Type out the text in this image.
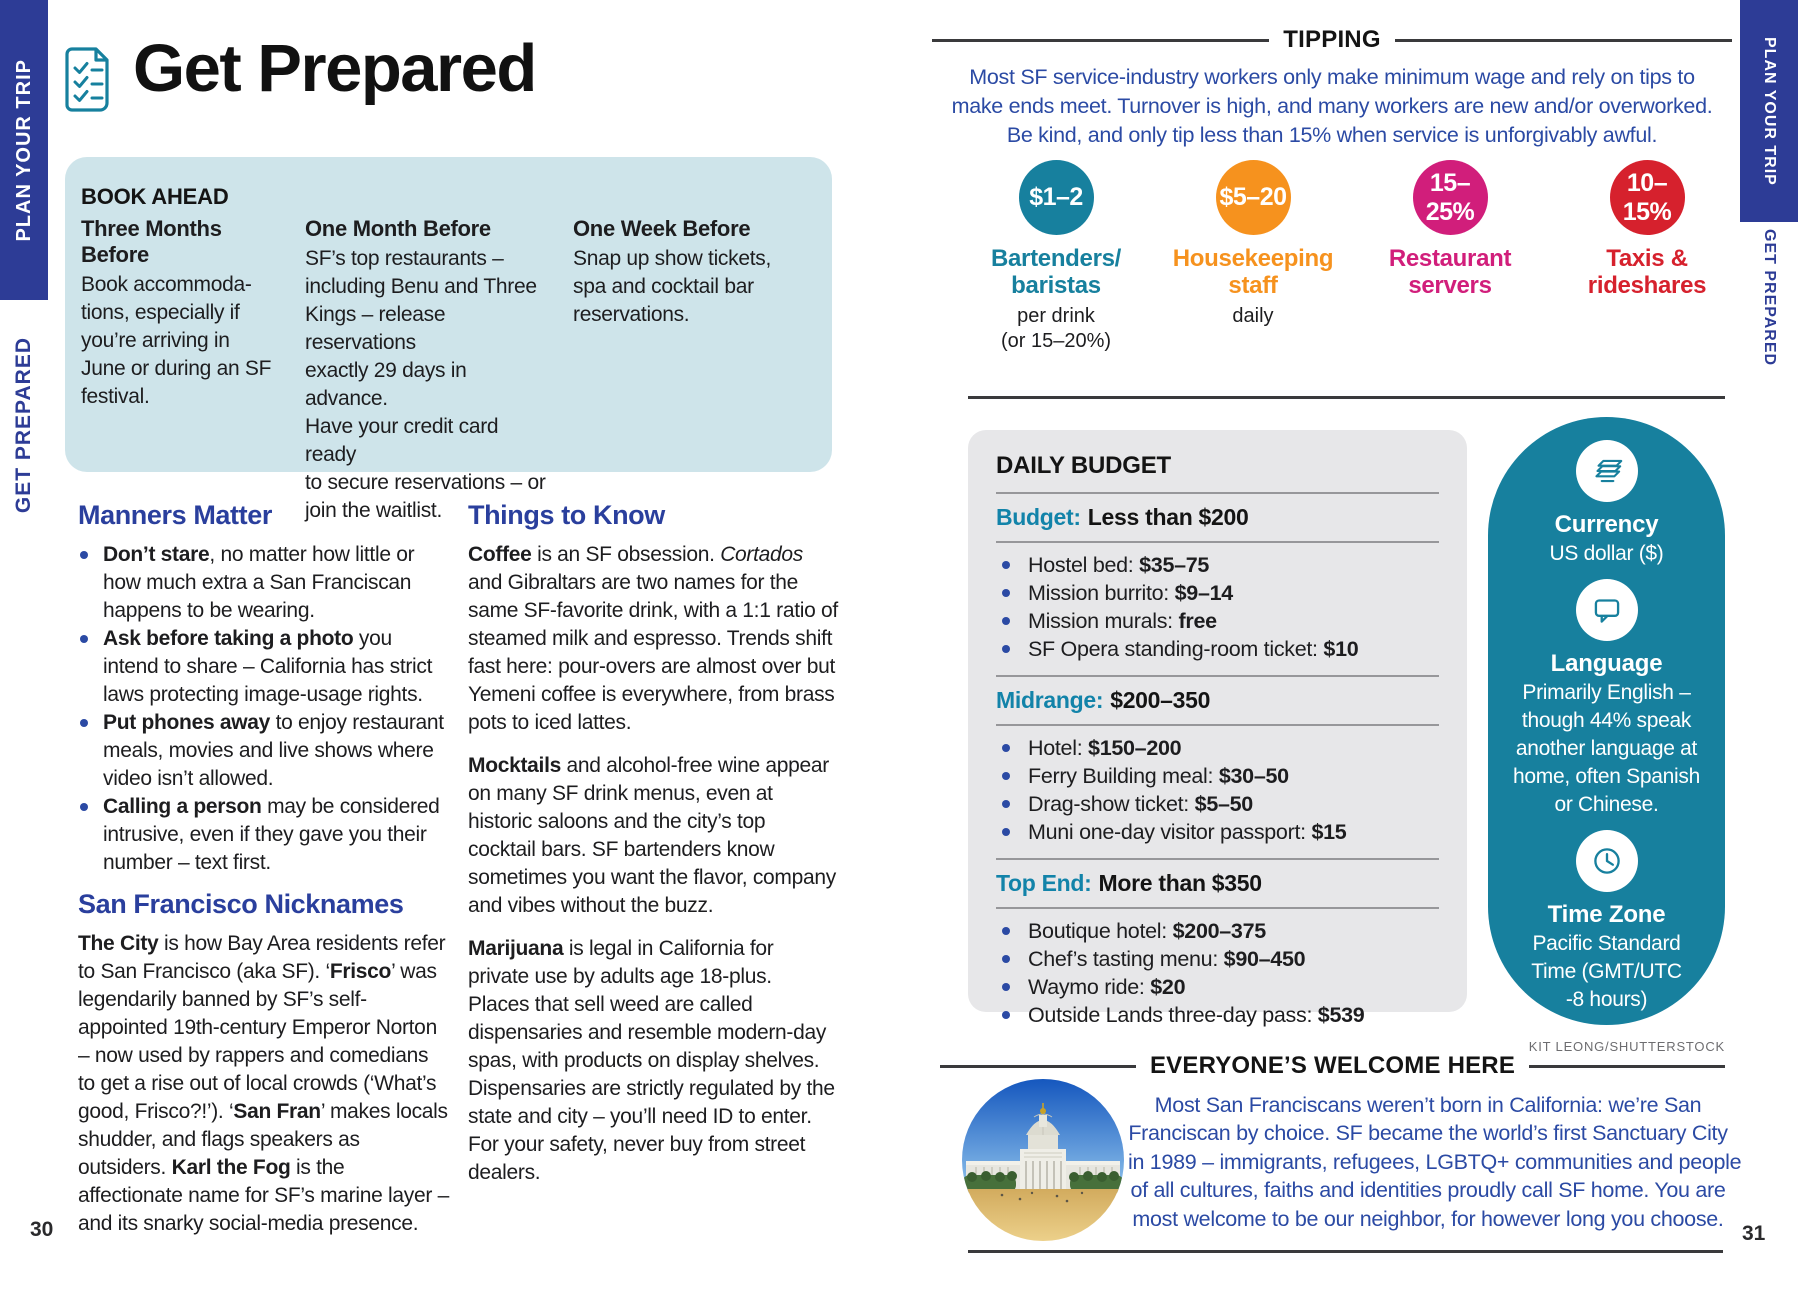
PLAN YOUR TRIP
GET PREPARED
30
Get Prepared
BOOK AHEAD
Three Months Before

Book accommoda-
tions, especially if
you’re arriving in
June or during an SF
festival.

One Month Before

SF’s top restaurants –
including Benu and Three
Kings – release reservations
exactly 29 days in advance.
Have your credit card ready
to secure reservations – or
join the waitlist.

One Week Before

Snap up show tickets,
spa and cocktail bar
reservations.

Manners Matter
Don’t stare, no matter how little or how much extra a San Franciscan happens to be wearing.
Ask before taking a photo you intend to share – California has strict laws protecting image-usage rights.
Put phones away to enjoy restaurant meals, movies and live shows where video isn’t allowed.
Calling a person may be considered intrusive, even if they gave you their number – text first.
San Francisco Nicknames

The City is how Bay Area residents refer to San Francisco (aka SF). ‘Frisco’ was legendarily banned by SF’s self-appointed 19th-century Emperor Norton – now used by rappers and comedians to get a rise out of local crowds (‘What’s good, Frisco?!’). ‘San Fran’ makes locals shudder, and flags speakers as outsiders. Karl the Fog is the affectionate name for SF’s marine layer – and its snarky social-media presence.

Things to Know

Coffee is an SF obsession. Cortados and Gibraltars are two names for the same SF-favorite drink, with a 1:1 ratio of steamed milk and espresso. Trends shift fast here: pour-overs are almost over but Yemeni coffee is everywhere, from brass pots to iced lattes.

Mocktails and alcohol-free wine appear on many SF drink menus, even at historic saloons and the city’s top cocktail bars. SF bartenders know sometimes you want the flavor, company and vibes without the buzz.

Marijuana is legal in California for private use by adults age 18-plus. Places that sell weed are called dispensaries and resemble modern-day spas, with products on display shelves. Dispensaries are strictly regulated by the state and city – you’ll need ID to enter. For your safety, never buy from street dealers.

TIPPING

Most SF service-industry workers only make minimum wage and rely on tips to
make ends meet. Turnover is high, and many workers are new and/or overworked.
Be kind, and only tip less than 15% when service is unforgivably awful.

$1–2
Bartenders/
baristas
per drink
(or 15–20%)
$5–20
Housekeeping
staff
daily
15–25%
Restaurant
servers
10–15%
Taxis &
rideshares
DAILY BUDGET
Budget: Less than $200
Hostel bed: $35–75
Mission burrito: $9–14
Mission murals: free
SF Opera standing-room ticket: $10
Midrange: $200–350
Hotel: $150–200
Ferry Building meal: $30–50
Drag-show ticket: $5–50
Muni one-day visitor passport: $15
Top End: More than $350
Boutique hotel: $200–375
Chef’s tasting menu: $90–450
Waymo ride: $20
Outside Lands three-day pass: $539
Currency

US dollar ($)

Language

Primarily English –
though 44% speak
another language at
home, often Spanish
or Chinese.

Time Zone

Pacific Standard
Time (GMT/UTC
-8 hours)

KIT LEONG/SHUTTERSTOCK
EVERYONE’S WELCOME HERE

Most San Franciscans weren’t born in California: we’re San
Franciscan by choice. SF became the world’s first Sanctuary City
in 1989 – immigrants, refugees, LGBTQ+ communities and people
of all cultures, faiths and identities proudly call SF home. You are
most welcome to be our neighbor, for however long you choose.

31
PLAN YOUR TRIP
GET PREPARED
